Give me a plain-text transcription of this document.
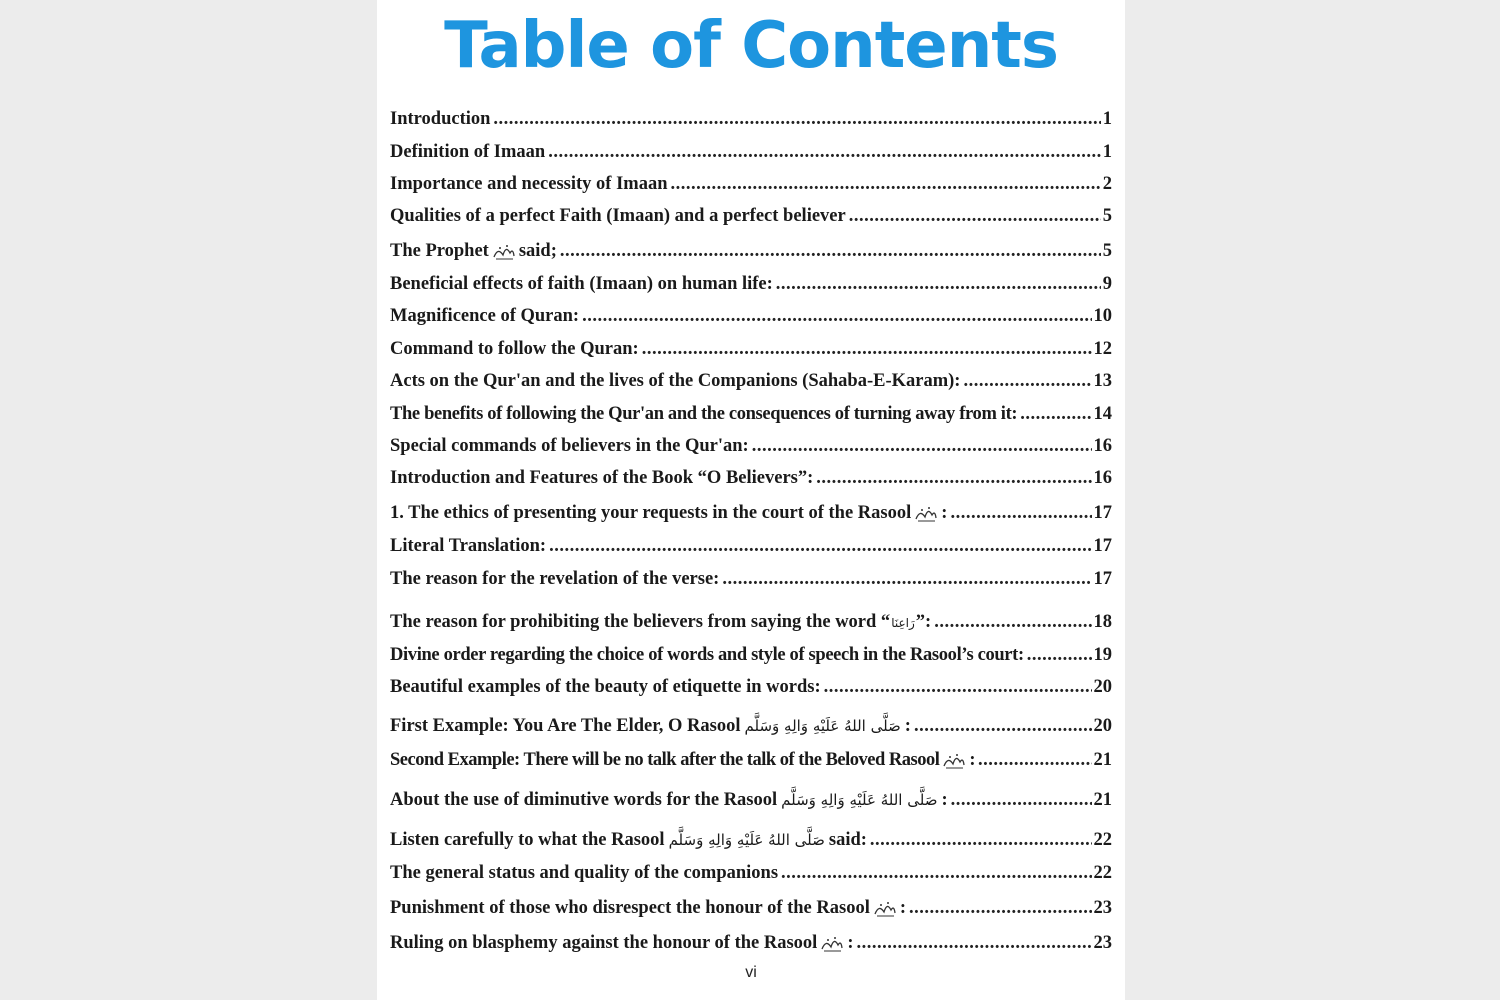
Table of Contents
Introduction .....	1
Definition of Imaan .....	1
Importance and necessity of Imaan .....	2
Qualities of a perfect Faith (Imaan) and a perfect believer .....	5
The Prophet said; .....	5
Beneficial effects of faith (Imaan) on human life: .....	9
Magnificence of Quran: .....	10
Command to follow the Quran: .....	12
Acts on the Qur'an and the lives of the Companions (Sahaba-E-Karam): .....	13
The benefits of following the Qur'an and the consequences of turning away from it: .....	14
Special commands of believers in the Qur'an: .....	16
Introduction and Features of the Book “O Believers”: .....	16
1. The ethics of presenting your requests in the court of the Rasool : .....	17
Literal Translation: .....	17
The reason for the revelation of the verse: .....	17
The reason for prohibiting the believers from saying the word “رَاعِنَا”: .....	18
Divine order regarding the choice of words and style of speech in the Rasool’s court: .....	19
Beautiful examples of the beauty of etiquette in words: .....	20
First Example: You Are The Elder, O Rasool صَلَّى اللهُ عَلَيْهِ وَالِهِ وَسَلَّم : .....	20
Second Example: There will be no talk after the talk of the Beloved Rasool : .....	21
About the use of diminutive words for the Rasool صَلَّى اللهُ عَلَيْهِ وَالِهِ وَسَلَّم : .....	21
Listen carefully to what the Rasool صَلَّى اللهُ عَلَيْهِ وَالِهِ وَسَلَّم said: .....	22
The general status and quality of the companions .....	22
Punishment of those who disrespect the honour of the Rasool : .....	23
Ruling on blasphemy against the honour of the Rasool : .....	23
vi
